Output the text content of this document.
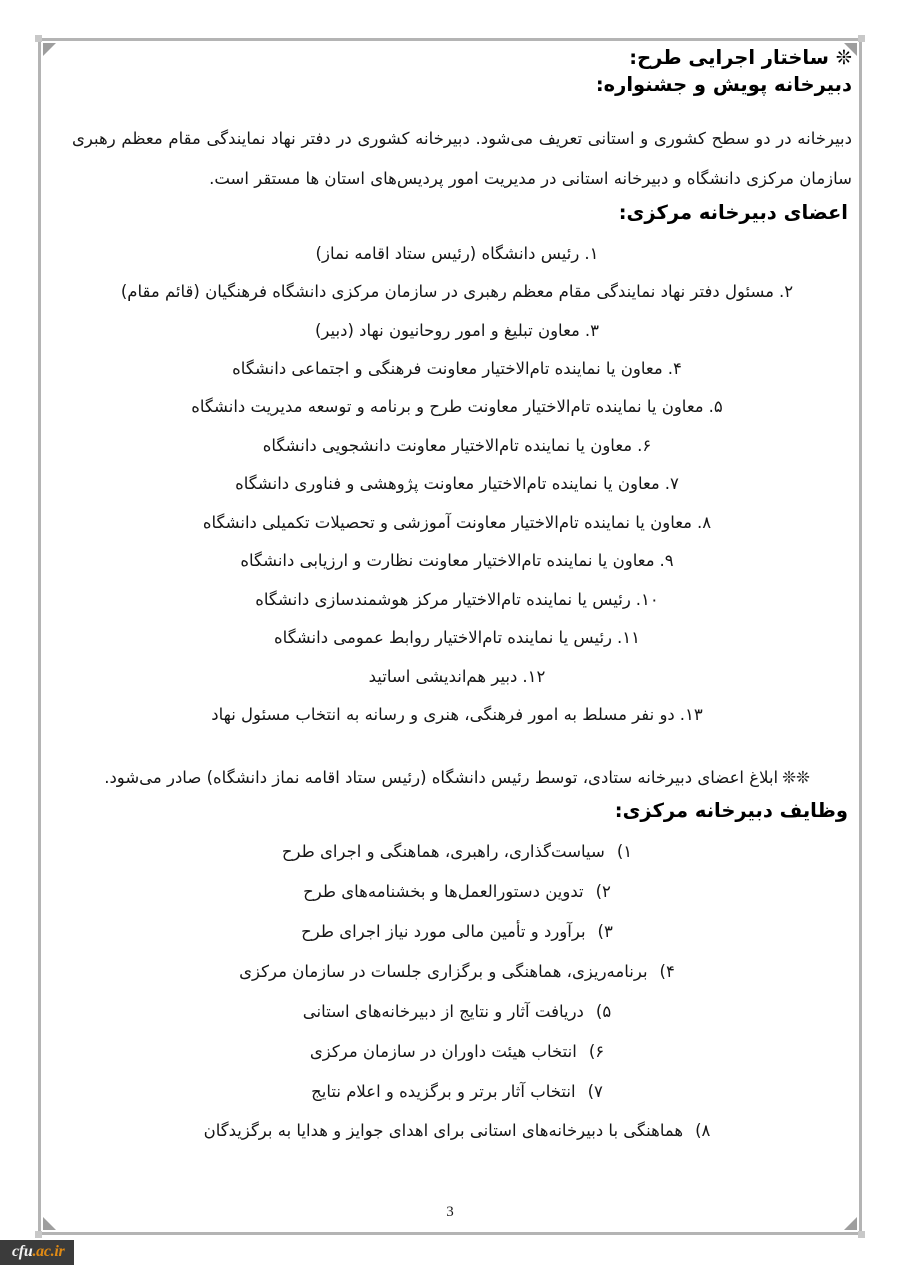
❊ ساختار اجرایی طرح:
دبیرخانه پویش و جشنواره:

دبیرخانه در دو سطح کشوری و استانی تعریف می‌شود. دبیرخانه کشوری در دفتر نهاد نمایندگی مقام معظم رهبری سازمان مرکزی دانشگاه و دبیرخانه استانی در مدیریت امور پردیس‌های استان ها مستقر است.

اعضای دبیرخانه مرکزی:
۱.رئیس دانشگاه (رئیس ستاد اقامه نماز)
۲.مسئول دفتر نهاد نمایندگی مقام معظم رهبری در سازمان مرکزی دانشگاه فرهنگیان (قائم مقام)
۳.معاون تبلیغ و امور روحانیون نهاد (دبیر)
۴.معاون یا نماینده تام‌الاختیار معاونت فرهنگی و اجتماعی دانشگاه
۵.معاون یا نماینده تام‌الاختیار معاونت طرح و برنامه و توسعه مدیریت دانشگاه
۶.معاون یا نماینده تام‌الاختیار معاونت دانشجویی دانشگاه
۷.معاون یا نماینده تام‌الاختیار معاونت پژوهشی و فناوری دانشگاه
۸.معاون یا نماینده تام‌الاختیار معاونت آموزشی و تحصیلات تکمیلی دانشگاه
۹.معاون یا نماینده تام‌الاختیار معاونت نظارت و ارزیابی دانشگاه
۱۰.رئیس یا نماینده تام‌الاختیار مرکز هوشمندسازی دانشگاه
۱۱.رئیس یا نماینده تام‌الاختیار روابط عمومی دانشگاه
۱۲.دبیر هم‌اندیشی اساتید
۱۳.دو نفر مسلط به امور فرهنگی، هنری و رسانه به انتخاب مسئول نهاد

❊❊ابلاغ اعضای دبیرخانه ستادی، توسط رئیس دانشگاه (رئیس ستاد اقامه نماز دانشگاه) صادر می‌شود.

وظایف دبیرخانه مرکزی:
۱)سیاست‌گذاری، راهبری، هماهنگی و اجرای طرح
۲)تدوین دستورالعمل‌ها و بخشنامه‌های طرح
۳)برآورد و تأمین مالی مورد نیاز اجرای طرح
۴)برنامه‌ریزی، هماهنگی و برگزاری جلسات در سازمان مرکزی
۵)دریافت آثار و نتایج از دبیرخانه‌های استانی
۶)انتخاب هیئت داوران در سازمان مرکزی
۷)انتخاب آثار برتر و برگزیده و اعلام نتایج
۸)هماهنگی با دبیرخانه‌های استانی برای اهدای جوایز و هدایا به برگزیدگان
3
cfu.ac.ir
